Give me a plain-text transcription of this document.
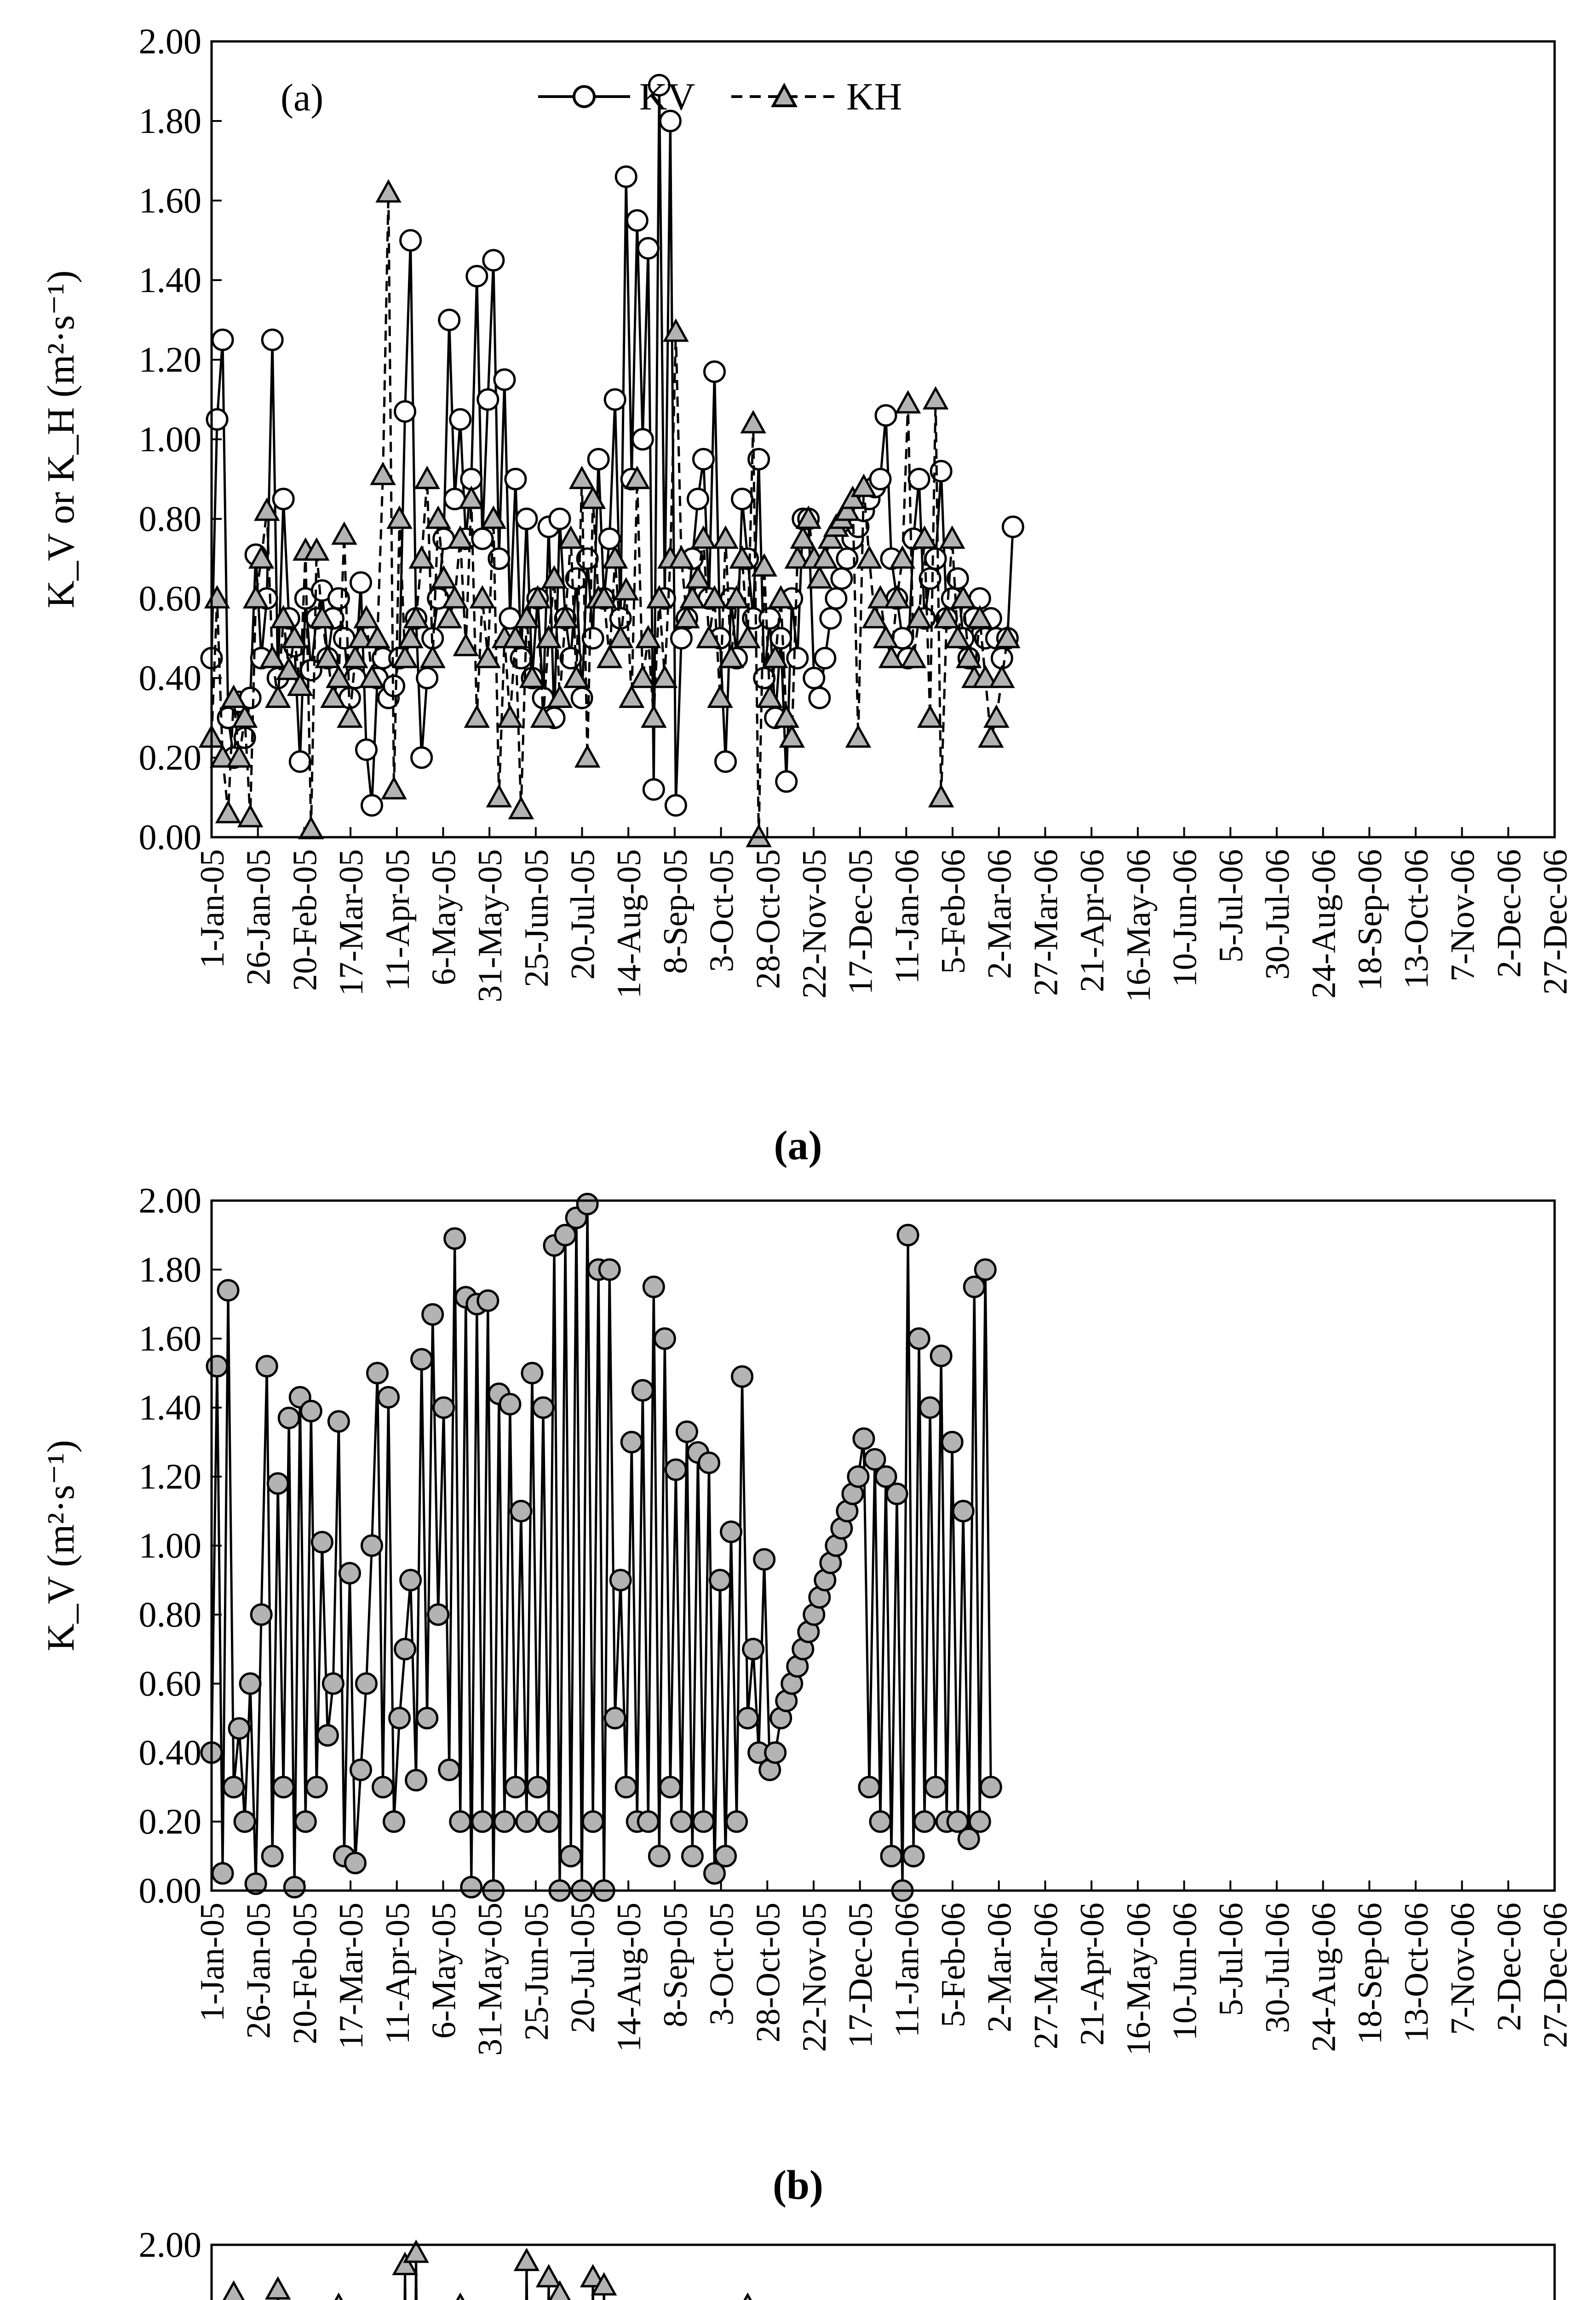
0.00
0.20
0.40
0.60
0.80
1.00
1.20
1.40
1.60
1.80
2.00
1-Jan-05 26-Jan-05 20-Feb-05 17-Mar-05 11-Apr-05 6-May-05 31-May-05 25-Jun-05 20-Jul-05 14-Aug-05 8-Sep-05 3-Oct-05 28-Oct-05 22-Nov-05 17-Dec-05 11-Jan-06 5-Feb-06 2-Mar-06 27-Mar-06 21-Apr-06 16-May-06 10-Jun-06 5-Jul-06 30-Jul-06 24-Aug-06 18-Sep-06 13-Oct-06 7-Nov-06 2-Dec-06 27-Dec-06
K_V or K_H (m²·s⁻¹)
(a)	KV	KH
(a)
0.00
0.20
0.40
0.60
0.80
1.00
1.20
1.40
1.60
1.80
2.00
1-Jan-05 26-Jan-05 20-Feb-05 17-Mar-05 11-Apr-05 6-May-05 31-May-05 25-Jun-05 20-Jul-05 14-Aug-05 8-Sep-05 3-Oct-05 28-Oct-05 22-Nov-05 17-Dec-05 11-Jan-06 5-Feb-06 2-Mar-06 27-Mar-06 21-Apr-06 16-May-06 10-Jun-06 5-Jul-06 30-Jul-06 24-Aug-06 18-Sep-06 13-Oct-06 7-Nov-06 2-Dec-06 27-Dec-06
K_V (m²·s⁻¹)
(b)
2.00
